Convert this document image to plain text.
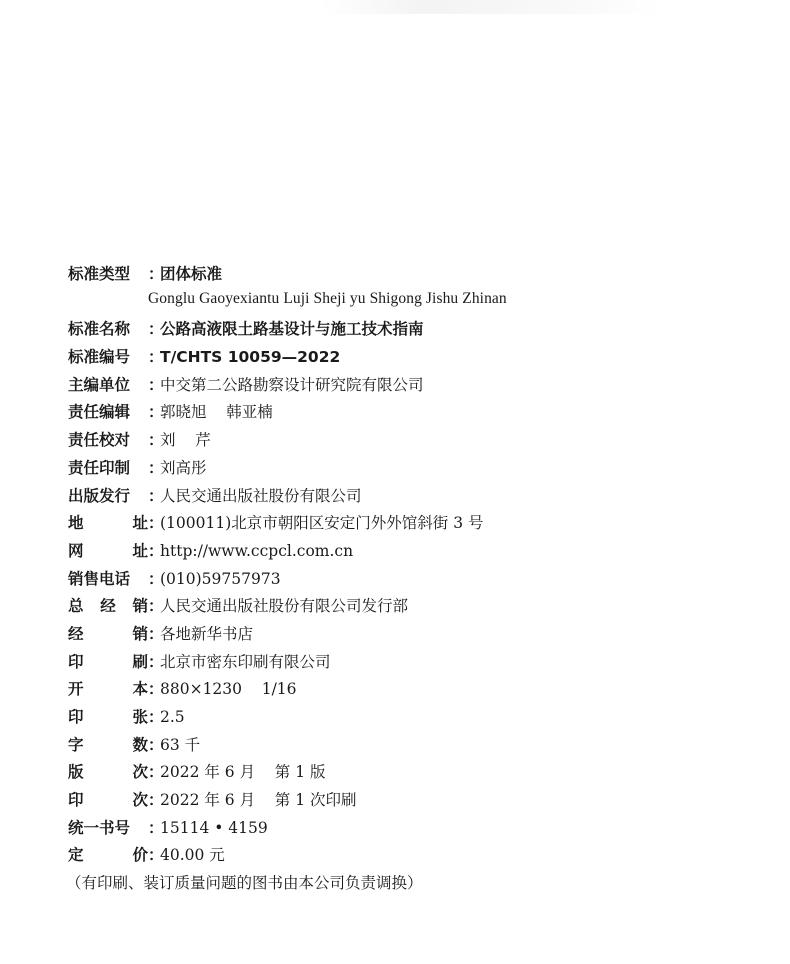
标准类型	：
团体标准
Gonglu Gaoyexiantu Luji Sheji yu Shigong Jishu Zhinan
标准名称	：
公路高液限土路基设计与施工技术指南
标准编号	：
T/CHTS 10059—2022
主编单位	：
中交第二公路勘察设计研究院有限公司
责任编辑	：
郭晓旭    韩亚楠
责任校对	：
刘    芹
责任印制	：
刘高彤
出版发行	：
人民交通出版社股份有限公司
地	址 ：
(100011)北京市朝阳区安定门外外馆斜街 3 号
网	址 ：
http://www.ccpcl.com.cn
销售电话	：
(010)59757973
总 经 销 ：
人民交通出版社股份有限公司发行部
经	销 ：
各地新华书店
印	刷 ：
北京市密东印刷有限公司
开	本 ：
880×1230    1/16
印	张 ：
2.5
字	数 ：
63 千
版	次 ：
2022 年 6 月    第 1 版
印	次 ：
2022 年 6 月    第 1 次印刷
统一书号	：
15114 • 4159
定	价 ：
40.00 元
（有印刷、装订质量问题的图书由本公司负责调换）
